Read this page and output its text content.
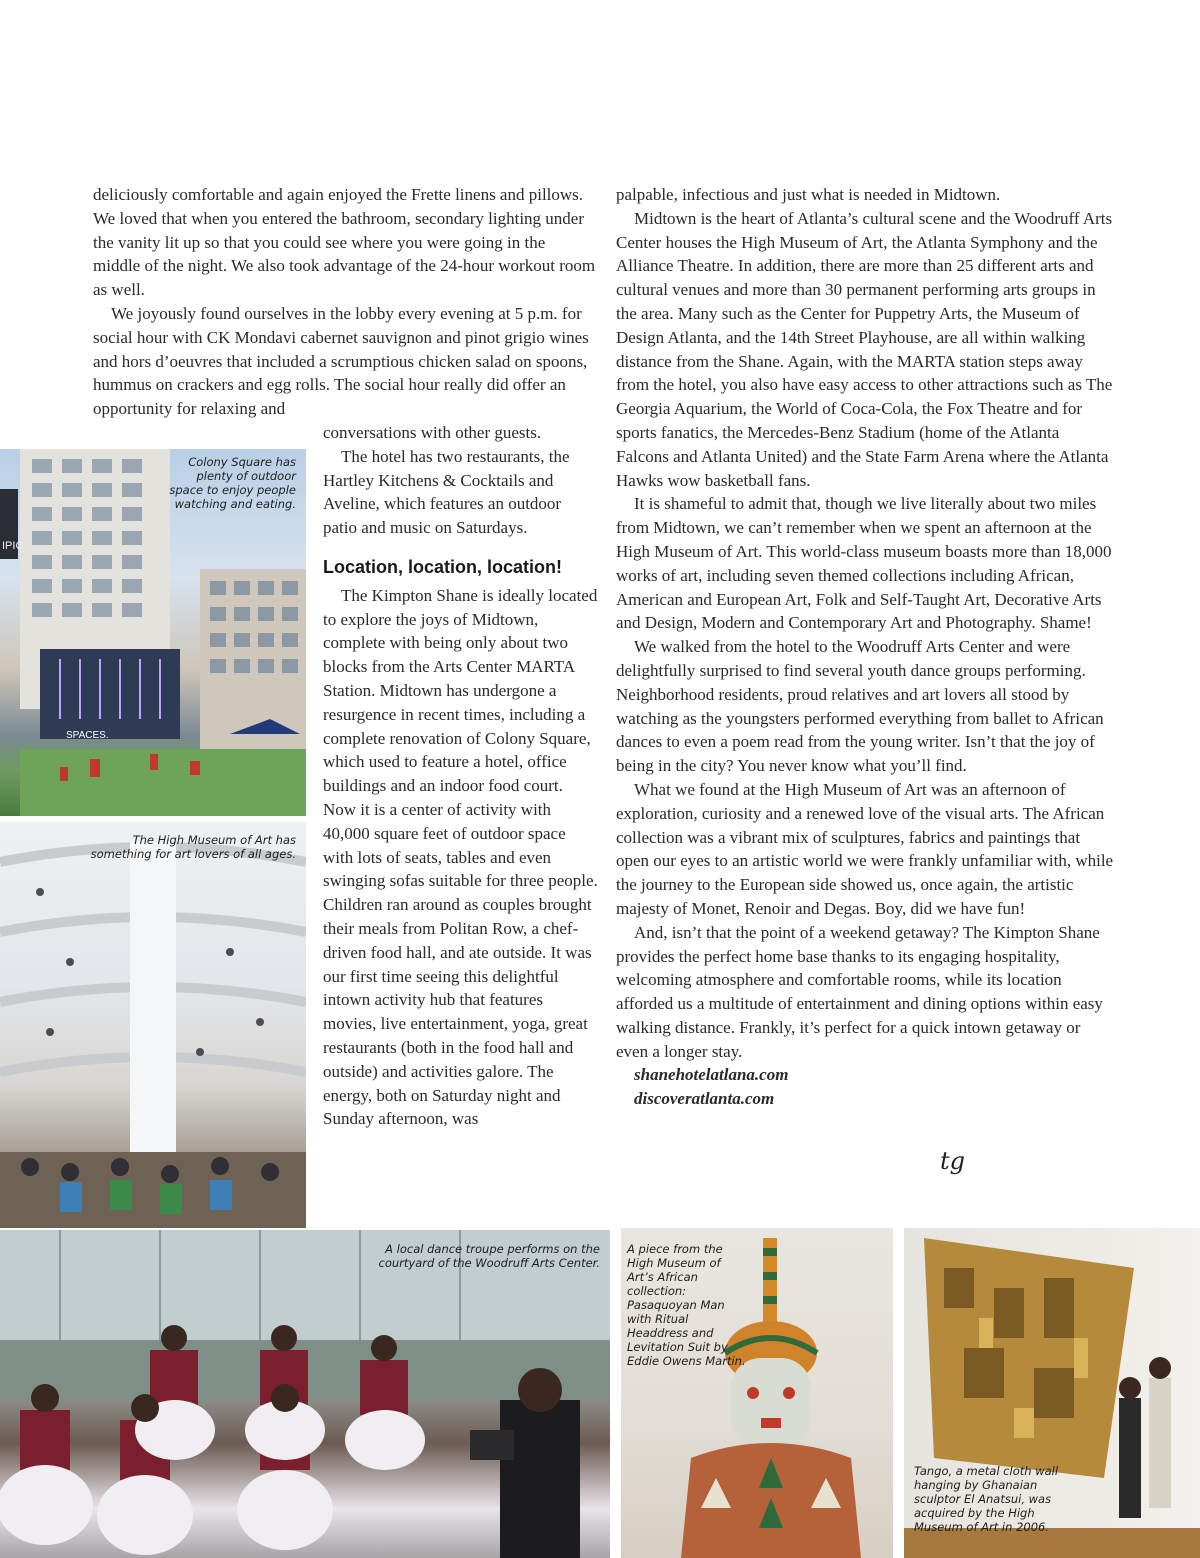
deliciously comfortable and again enjoyed the Frette linens and pillows. We loved that when you entered the bathroom, secondary lighting under the vanity lit up so that you could see where you were going in the middle of the night. We also took advantage of the 24-hour workout room as well.

We joyously found ourselves in the lobby every evening at 5 p.m. for social hour with CK Mondavi cabernet sauvignon and pinot grigio wines and hors d’oeuvres that included a scrumptious chicken salad on spoons, hummus on crackers and egg rolls. The social hour really did offer an opportunity for relaxing and

conversations with other guests.

The hotel has two restaurants, the Hartley Kitchens & Cocktails and Aveline, which features an outdoor patio and music on Saturdays.

Location, location, location!

The Kimpton Shane is ideally located to explore the joys of Midtown, complete with being only about two blocks from the Arts Center MARTA Station. Midtown has undergone a resurgence in recent times, including a complete renovation of Colony Square, which used to feature a hotel, office buildings and an indoor food court. Now it is a center of activity with 40,000 square feet of outdoor space with lots of seats, tables and even swinging sofas suitable for three people. Children ran around as couples brought their meals from Politan Row, a chef-driven food hall, and ate outside. It was our first time seeing this delightful intown activity hub that features movies, live entertainment, yoga, great restaurants (both in the food hall and outside) and activities galore. The energy, both on Saturday night and Sunday afternoon, was

palpable, infectious and just what is needed in Midtown.

Midtown is the heart of Atlanta’s cultural scene and the Woodruff Arts Center houses the High Museum of Art, the Atlanta Symphony and the Alliance Theatre. In addition, there are more than 25 different arts and cultural venues and more than 30 permanent performing arts groups in the area. Many such as the Center for Puppetry Arts, the Museum of Design Atlanta, and the 14th Street Playhouse, are all within walking distance from the Shane. Again, with the MARTA station steps away from the hotel, you also have easy access to other attractions such as The Georgia Aquarium, the World of Coca-Cola, the Fox Theatre and for sports fanatics, the Mercedes-Benz Stadium (home of the Atlanta Falcons and Atlanta United) and the State Farm Arena where the Atlanta Hawks wow basketball fans.

It is shameful to admit that, though we live literally about two miles from Midtown, we can’t remember when we spent an afternoon at the High Museum of Art. This world-class museum boasts more than 18,000 works of art, including seven themed collections including African, American and European Art, Folk and Self-Taught Art, Decorative Arts and Design, Modern and Contemporary Art and Photography. Shame!

We walked from the hotel to the Woodruff Arts Center and were delightfully surprised to find several youth dance groups performing. Neighborhood residents, proud relatives and art lovers all stood by watching as the youngsters performed everything from ballet to African dances to even a poem read from the young writer. Isn’t that the joy of being in the city? You never know what you’ll find.

What we found at the High Museum of Art was an afternoon of exploration, curiosity and a renewed love of the visual arts. The African collection was a vibrant mix of sculptures, fabrics and paintings that open our eyes to an artistic world we were frankly unfamiliar with, while the journey to the European side showed us, once again, the artistic majesty of Monet, Renoir and Degas. Boy, did we have fun!

And, isn’t that the point of a weekend getaway? The Kimpton Shane provides the perfect home base thanks to its engaging hospitality, welcoming atmosphere and comfortable rooms, while its location afforded us a multitude of entertainment and dining options within easy walking distance. Frankly, it’s perfect for a quick intown getaway or even a longer stay.

shanehotelatlana.com
discoveratlanta.com
tg
IPIC
SPACES.
Colony Square has plenty of outdoor space to enjoy people watching and eating.
The High Museum of Art has something for art lovers of all ages.
A local dance troupe performs on the courtyard of the Woodruff Arts Center.
A piece from the High Museum of Art’s African collection: Pasaquoyan Man with Ritual Headdress and Levitation Suit by Eddie Owens Martin.
Tango, a metal cloth wall hanging by Ghanaian sculptor El Anatsui, was acquired by the High Museum of Art in 2006.
